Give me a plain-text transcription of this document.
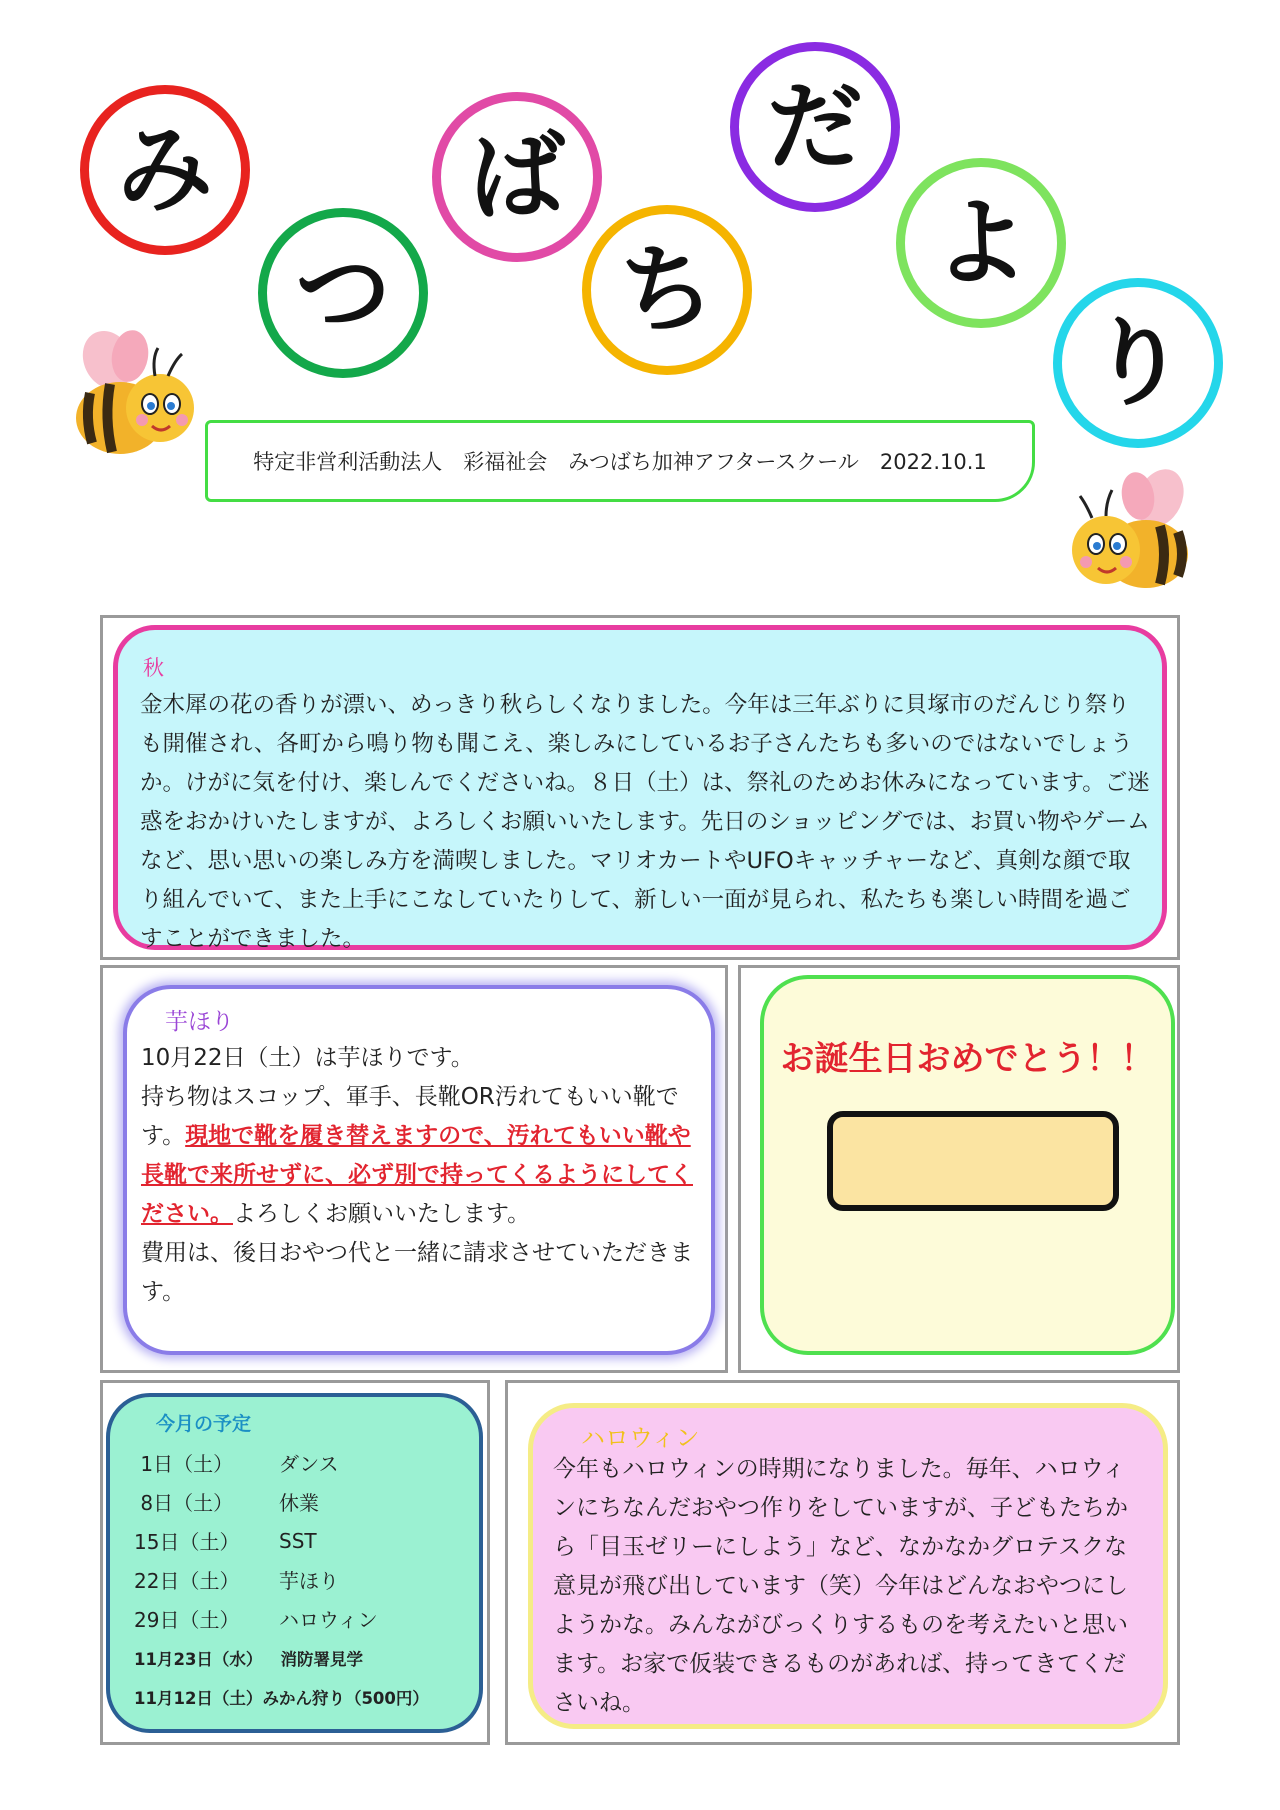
み
つ
ば
ち
だ
よ
り
特定非営利活動法人　彩福祉会　みつばち加神アフタースクール　2022.10.1
秋
金木犀の花の香りが漂い、めっきり秋らしくなりました。今年は三年ぶりに貝塚市のだんじり祭りも開催され、各町から鳴り物も聞こえ、楽しみにしているお子さんたちも多いのではないでしょうか。けがに気を付け、楽しんでくださいね。８日（土）は、祭礼のためお休みになっています。ご迷惑をおかけいたしますが、よろしくお願いいたします。先日のショッピングでは、お買い物やゲームなど、思い思いの楽しみ方を満喫しました。マリオカートやUFOキャッチャーなど、真剣な顔で取り組んでいて、また上手にこなしていたりして、新しい一面が見られ、私たちも楽しい時間を過ごすことができました。
芋ほり
10月22日（土）は芋ほりです。
持ち物はスコップ、軍手、長靴OR汚れてもいい靴です。現地で靴を履き替えますので、汚れてもいい靴や長靴で来所せずに、必ず別で持ってくるようにしてください。よろしくお願いいたします。
費用は、後日おやつ代と一緒に請求させていただきます。
お誕生日おめでとう！！
今月の予定
1日（土）	ダンス
8日（土）	休業
15日（土）	SST
22日（土）	芋ほり
29日（土）	ハロウィン
11月23日（水） 消防署見学
11月12日（土） みかん狩り（500円）
ハロウィン
今年もハロウィンの時期になりました。毎年、ハロウィンにちなんだおやつ作りをしていますが、子どもたちから「目玉ゼリーにしよう」など、なかなかグロテスクな意見が飛び出しています（笑）今年はどんなおやつにしようかな。みんながびっくりするものを考えたいと思います。お家で仮装できるものがあれば、持ってきてくださいね。
